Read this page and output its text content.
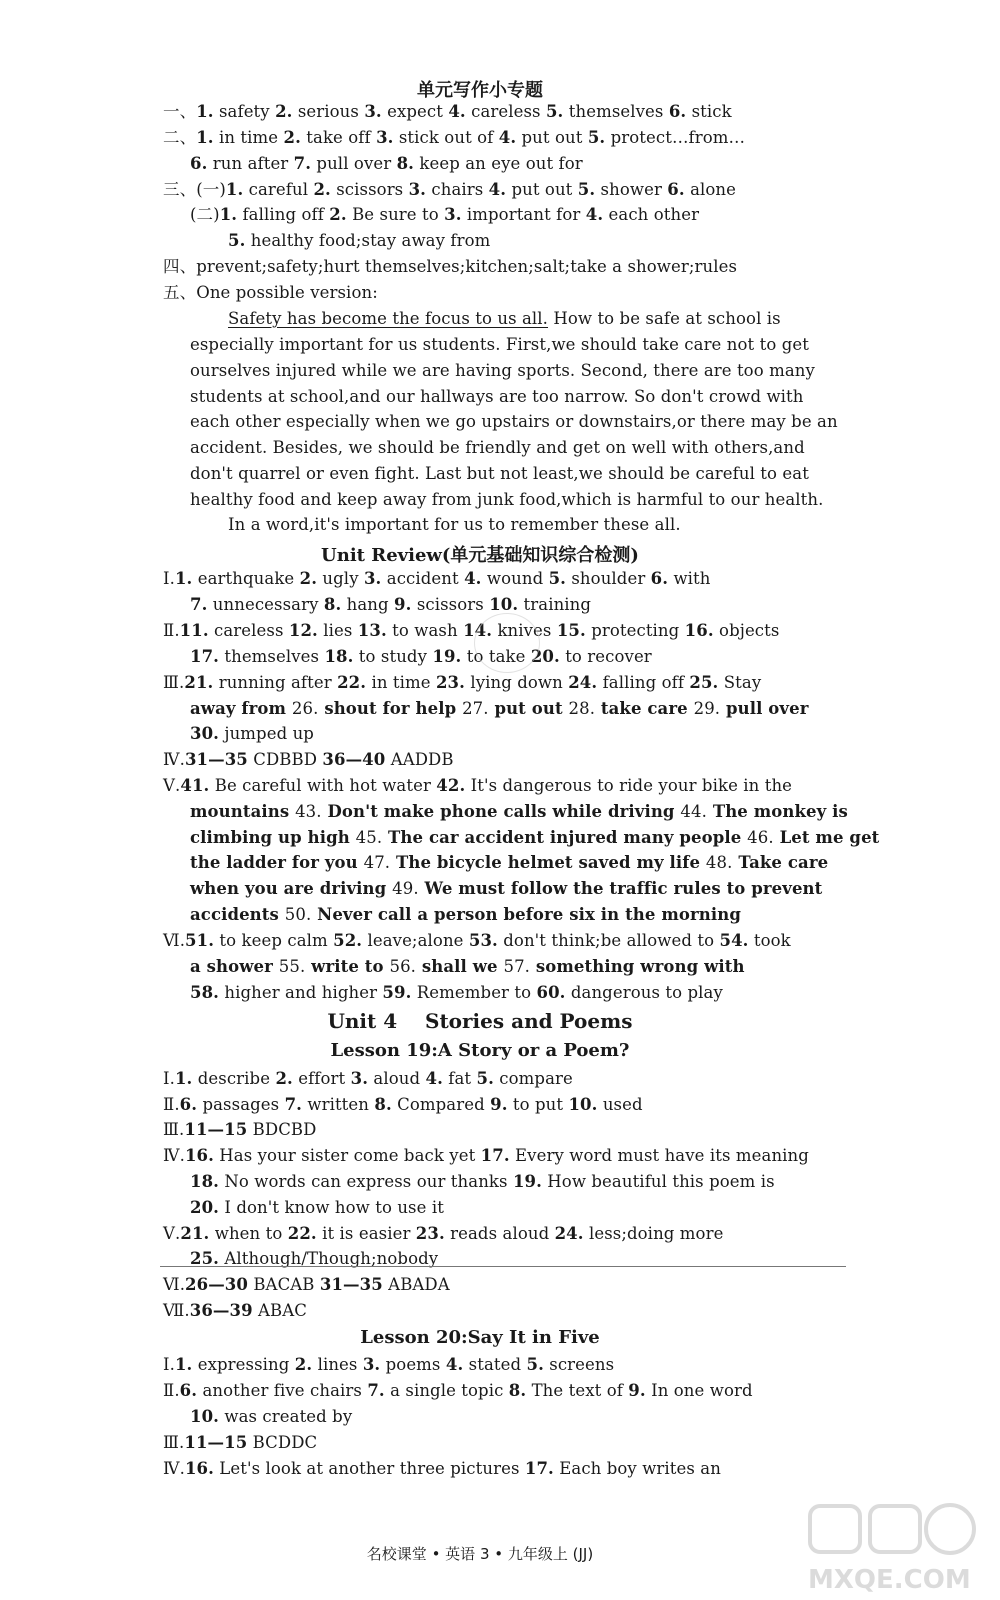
单元写作小专题
一、1. safety 2. serious 3. expect 4. careless 5. themselves 6. stick
二、1. in time 2. take off 3. stick out of 4. put out 5. protect…from…
6. run after 7. pull over 8. keep an eye out for
三、(一)1. careful 2. scissors 3. chairs 4. put out 5. shower 6. alone
(二)1. falling off 2. Be sure to 3. important for 4. each other
5. healthy food;stay away from
四、prevent;safety;hurt themselves;kitchen;salt;take a shower;rules
五、One possible version:
Safety has become the focus to us all. How to be safe at school is
especially important for us students. First,we should take care not to get
ourselves injured while we are having sports. Second, there are too many
students at school,and our hallways are too narrow. So don't crowd with
each other especially when we go upstairs or downstairs,or there may be an
accident. Besides, we should be friendly and get on well with others,and
don't quarrel or even fight. Last but not least,we should be careful to eat
healthy food and keep away from junk food,which is harmful to our health.
In a word,it's important for us to remember these all.
Unit Review(单元基础知识综合检测)
Ⅰ.1. earthquake 2. ugly 3. accident 4. wound 5. shoulder 6. with
7. unnecessary 8. hang 9. scissors 10. training
Ⅱ.11. careless 12. lies 13. to wash 14. knives 15. protecting 16. objects
17. themselves 18. to study 19. to take 20. to recover
Ⅲ.21. running after 22. in time 23. lying down 24. falling off 25. Stay
away from 26. shout for help 27. put out 28. take care 29. pull over
30. jumped up
Ⅳ.31—35 CDBBD 36—40 AADDB
Ⅴ.41. Be careful with hot water 42. It's dangerous to ride your bike in the
mountains 43. Don't make phone calls while driving 44. The monkey is
climbing up high 45. The car accident injured many people 46. Let me get
the ladder for you 47. The bicycle helmet saved my life 48. Take care
when you are driving 49. We must follow the traffic rules to prevent
accidents 50. Never call a person before six in the morning
Ⅵ.51. to keep calm 52. leave;alone 53. don't think;be allowed to 54. took
a shower 55. write to 56. shall we 57. something wrong with
58. higher and higher 59. Remember to 60. dangerous to play
Unit 4    Stories and Poems
Lesson 19:A Story or a Poem?
Ⅰ.1. describe 2. effort 3. aloud 4. fat 5. compare
Ⅱ.6. passages 7. written 8. Compared 9. to put 10. used
Ⅲ.11—15 BDCBD
Ⅳ.16. Has your sister come back yet 17. Every word must have its meaning
18. No words can express our thanks 19. How beautiful this poem is
20. I don't know how to use it
Ⅴ.21. when to 22. it is easier 23. reads aloud 24. less;doing more
25. Although/Though;nobody
Ⅵ.26—30 BACAB 31—35 ABADA
Ⅶ.36—39 ABAC
Lesson 20:Say It in Five
Ⅰ.1. expressing 2. lines 3. poems 4. stated 5. screens
Ⅱ.6. another five chairs 7. a single topic 8. The text of 9. In one word
10. was created by
Ⅲ.11—15 BCDDC
Ⅳ.16. Let's look at another three pictures 17. Each boy writes an
名校课堂 • 英语 3 • 九年级上 (JJ)
MXQE.COM
